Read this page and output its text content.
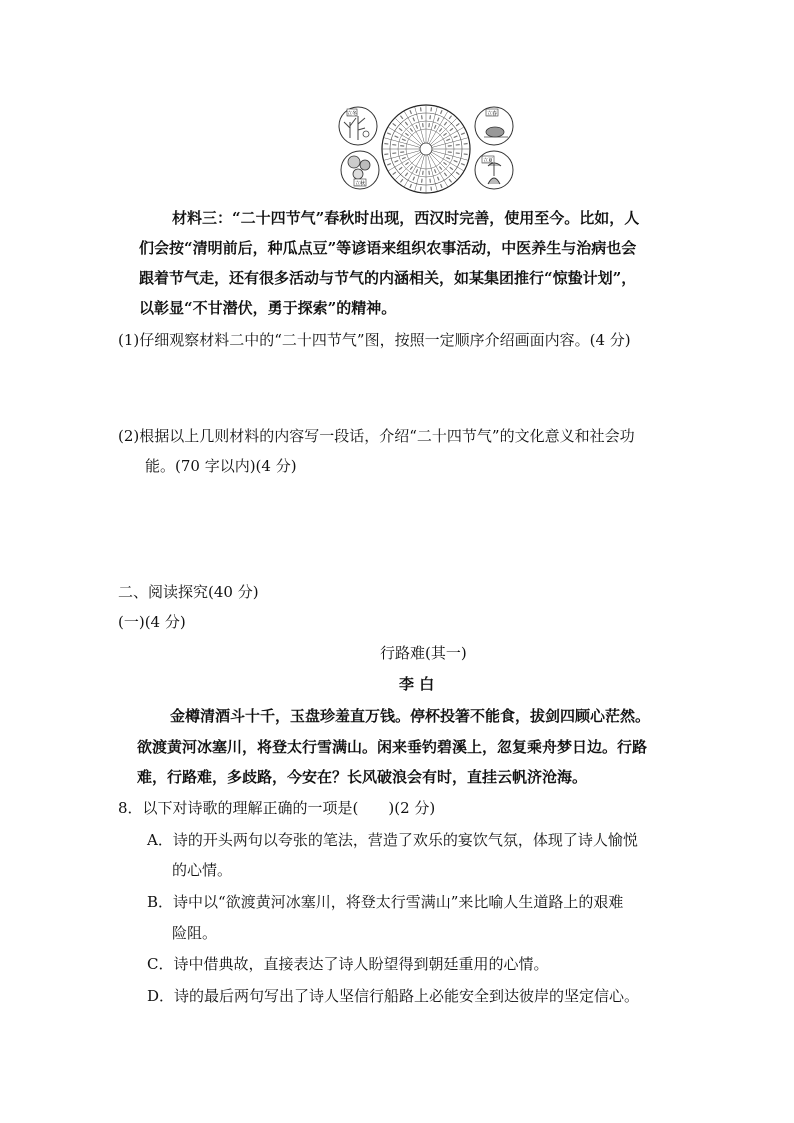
立冬
立秋
立春
立夏
材料三：“二十四节气”春秋时出现，西汉时完善，使用至今。比如，人
们会按“清明前后，种瓜点豆”等谚语来组织农事活动，中医养生与治病也会
跟着节气走，还有很多活动与节气的内涵相关，如某集团推行“惊蛰计划”，
以彰显“不甘潜伏，勇于探索”的精神。
(1)仔细观察材料二中的“二十四节气”图，按照一定顺序介绍画面内容。(4 分)
(2)根据以上几则材料的内容写一段话，介绍“二十四节气”的文化意义和社会功
能。(70 字以内)(4 分)
二、阅读探究(40 分)
(一)(4 分)
行路难(其一)
李 白
金樽清酒斗十千，玉盘珍羞直万钱。停杯投箸不能食，拔剑四顾心茫然。
欲渡黄河冰塞川，将登太行雪满山。闲来垂钓碧溪上，忽复乘舟梦日边。行路
难，行路难，多歧路，今安在？长风破浪会有时，直挂云帆济沧海。
8．以下对诗歌的理解正确的一项是(　　)(2 分)
A．诗的开头两句以夸张的笔法，营造了欢乐的宴饮气氛，体现了诗人愉悦
的心情。
B．诗中以“欲渡黄河冰塞川，将登太行雪满山”来比喻人生道路上的艰难
险阻。
C．诗中借典故，直接表达了诗人盼望得到朝廷重用的心情。
D．诗的最后两句写出了诗人坚信行船路上必能安全到达彼岸的坚定信心。
